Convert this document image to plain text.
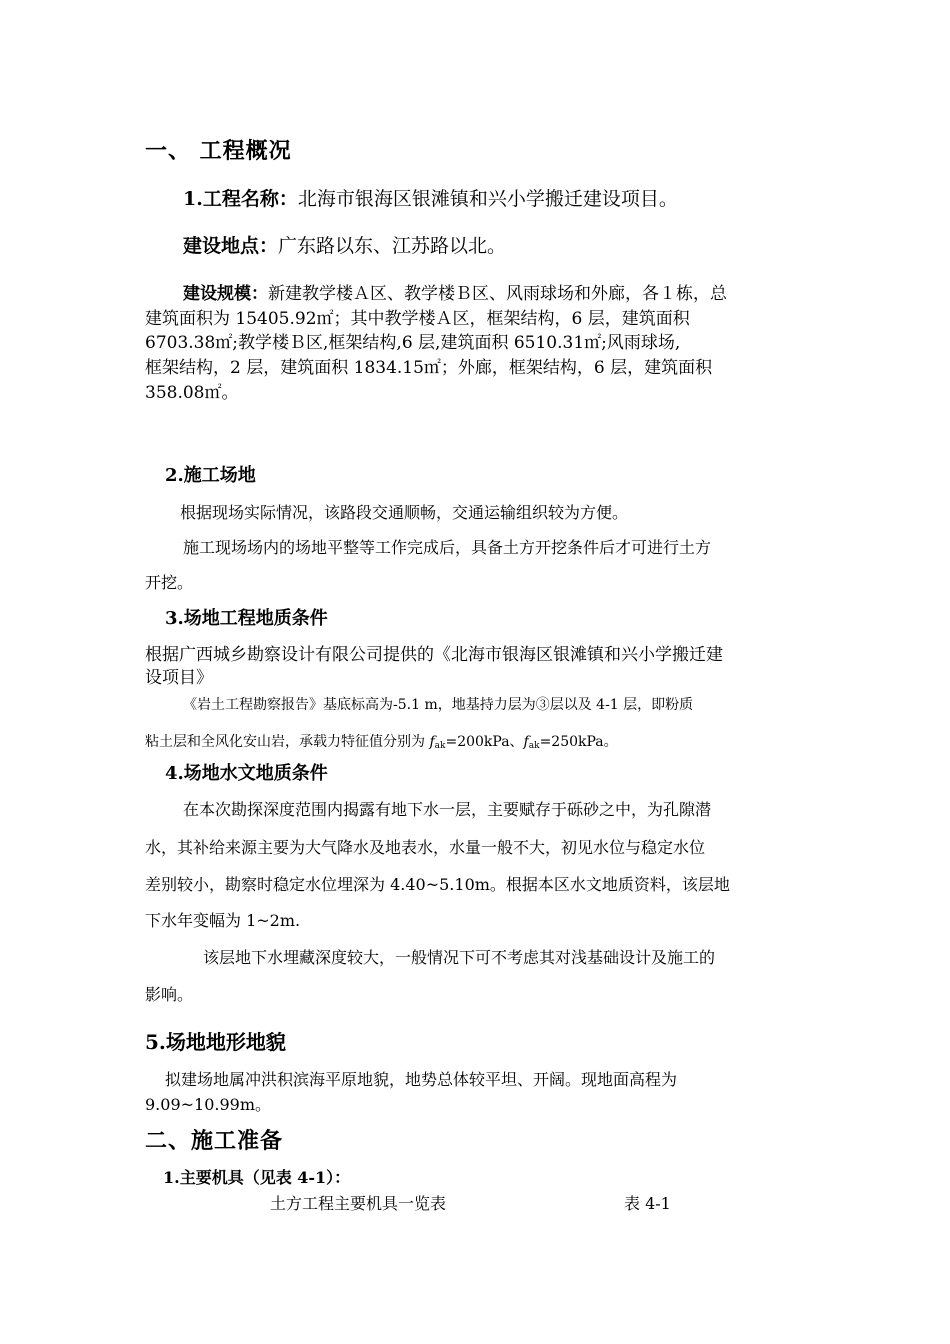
一、 工程概况
1.工程名称：北海市银海区银滩镇和兴小学搬迁建设项目。
建设地点：广东路以东、江苏路以北。
建设规模：新建教学楼Ａ区、教学楼Ｂ区、风雨球场和外廊，各１栋，总
建筑面积为 15405.92㎡；其中教学楼Ａ区，框架结构，6 层，建筑面积
6703.38㎡;教学楼Ｂ区,框架结构,6 层,建筑面积 6510.31㎡;风雨球场,
框架结构，2 层，建筑面积 1834.15㎡；外廊，框架结构，6 层，建筑面积
358.08㎡。
2.施工场地
根据现场实际情况，该路段交通顺畅，交通运输组织较为方便。
施工现场场内的场地平整等工作完成后，具备土方开挖条件后才可进行土方
开挖。
3.场地工程地质条件
根据广西城乡勘察设计有限公司提供的《北海市银海区银滩镇和兴小学搬迁建
设项目》
《岩土工程勘察报告》基底标高为-5.1 m，地基持力层为③层以及 4-1 层，即粉质
粘土层和全风化安山岩，承载力特征值分别为 $f_{ak}=200kPa$、$f_{ak}=250kPa$。
4.场地水文地质条件
在本次勘探深度范围内揭露有地下水一层，主要赋存于砾砂之中，为孔隙潜
水，其补给来源主要为大气降水及地表水，水量一般不大，初见水位与稳定水位
差别较小，勘察时稳定水位埋深为 4.40~5.10m。根据本区水文地质资料，该层地
下水年变幅为 1~2m.
该层地下水埋藏深度较大，一般情况下可不考虑其对浅基础设计及施工的
影响。
5.场地地形地貌
拟建场地属冲洪积滨海平原地貌，地势总体较平坦、开阔。现地面高程为
9.09~10.99m。
二、施工准备
1.主要机具（见表 4-1）：
土方工程主要机具一览表	表 4-1
